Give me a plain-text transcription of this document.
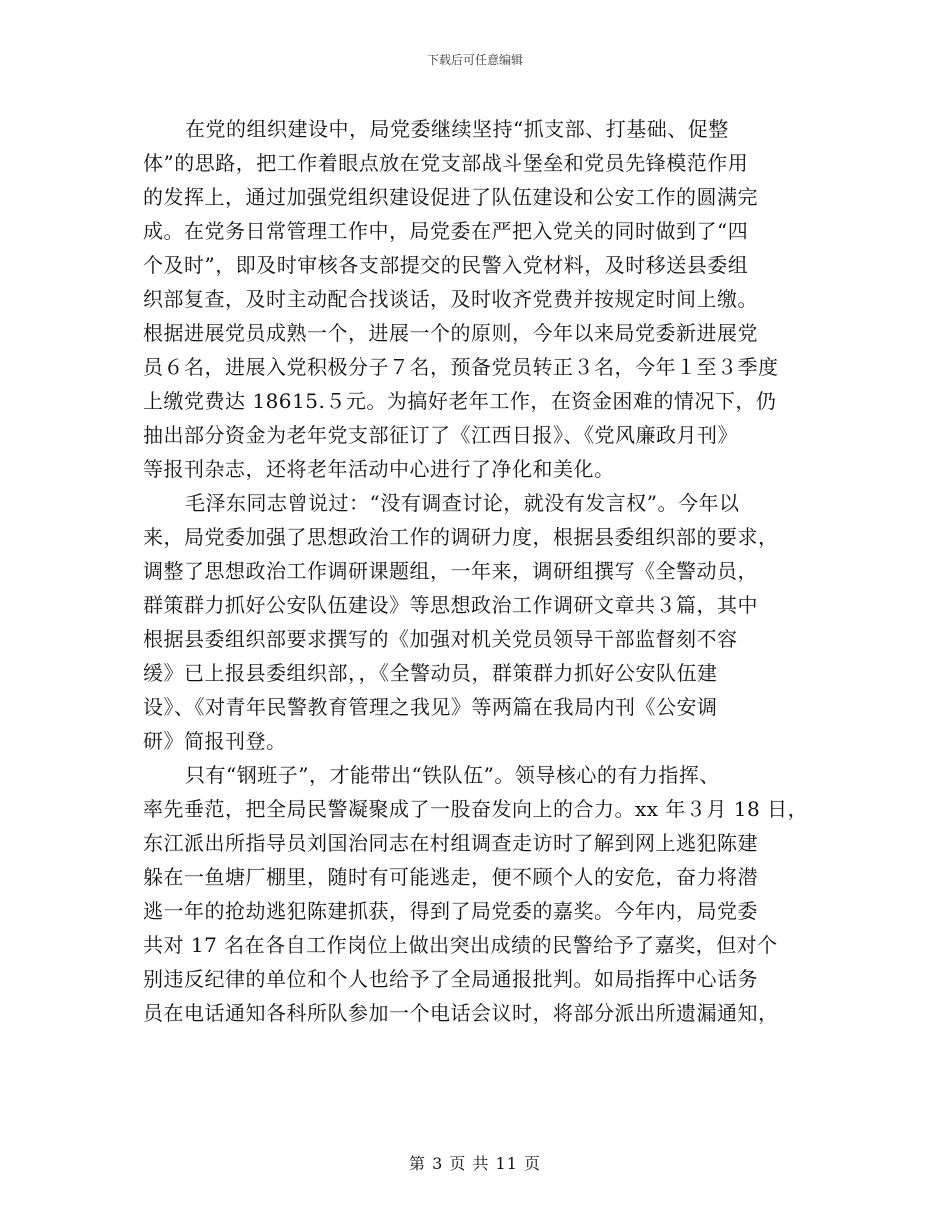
下载后可任意编辑
在党的组织建设中，局党委继续坚持“抓支部、打基础、促整
体”的思路，把工作着眼点放在党支部战斗堡垒和党员先锋模范作用
的发挥上，通过加强党组织建设促进了队伍建设和公安工作的圆满完
成。在党务日常管理工作中，局党委在严把入党关的同时做到了“四
个及时”，即及时审核各支部提交的民警入党材料，及时移送县委组
织部复查，及时主动配合找谈话，及时收齐党费并按规定时间上缴。
根据进展党员成熟一个，进展一个的原则，今年以来局党委新进展党
员６名，进展入党积极分子７名，预备党员转正３名，今年１至３季度
上缴党费达 18615.５元。为搞好老年工作，在资金困难的情况下，仍
抽出部分资金为老年党支部征订了《江西日报》、《党风廉政月刊》
等报刊杂志，还将老年活动中心进行了净化和美化。
毛泽东同志曾说过：“没有调查讨论，就没有发言权”。今年以
来，局党委加强了思想政治工作的调研力度，根据县委组织部的要求，
调整了思想政治工作调研课题组，一年来，调研组撰写《全警动员，
群策群力抓好公安队伍建设》等思想政治工作调研文章共３篇，其中
根据县委组织部要求撰写的《加强对机关党员领导干部监督刻不容
缓》已上报县委组织部，，《全警动员，群策群力抓好公安队伍建
设》、《对青年民警教育管理之我见》等两篇在我局内刊《公安调
研》简报刊登。
只有“钢班子”，才能带出“铁队伍”。领导核心的有力指挥、
率先垂范，把全局民警凝聚成了一股奋发向上的合力。xx 年３月 18 日，
东江派出所指导员刘国治同志在村组调查走访时了解到网上逃犯陈建
躲在一鱼塘厂棚里，随时有可能逃走，便不顾个人的安危，奋力将潜
逃一年的抢劫逃犯陈建抓获，得到了局党委的嘉奖。今年内，局党委
共对 17 名在各自工作岗位上做出突出成绩的民警给予了嘉奖，但对个
别违反纪律的单位和个人也给予了全局通报批判。如局指挥中心话务
员在电话通知各科所队参加一个电话会议时，将部分派出所遗漏通知，
第 3 页 共 11 页
